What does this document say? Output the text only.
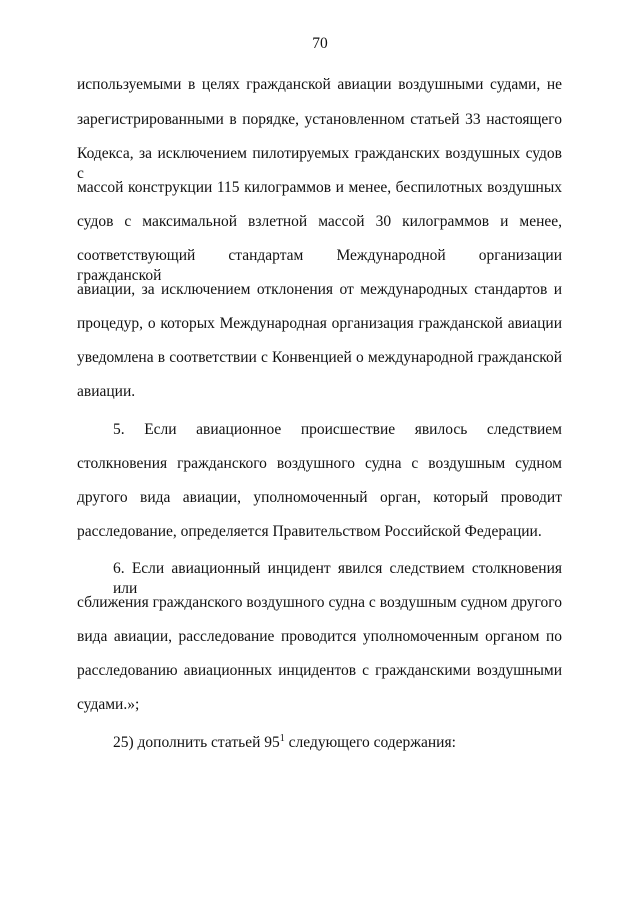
70
используемыми в целях гражданской авиации воздушными судами, не
зарегистрированными в порядке, установленном статьей 33 настоящего
Кодекса, за исключением пилотируемых гражданских воздушных судов с
массой конструкции 115 килограммов и менее, беспилотных воздушных
судов с максимальной взлетной массой 30 килограммов и менее,
соответствующий стандартам Международной организации гражданской
авиации, за исключением отклонения от международных стандартов и
процедур, о которых Международная организация гражданской авиации
уведомлена в соответствии с Конвенцией о международной гражданской
авиации.
5. Если авиационное происшествие явилось следствием
столкновения гражданского воздушного судна с воздушным судном
другого вида авиации, уполномоченный орган, который проводит
расследование, определяется Правительством Российской Федерации.
6. Если авиационный инцидент явился следствием столкновения или
сближения гражданского воздушного судна с воздушным судном другого
вида авиации, расследование проводится уполномоченным органом по
расследованию авиационных инцидентов с гражданскими воздушными
судами.»;
25) дополнить статьей $95^1$ следующего содержания:
